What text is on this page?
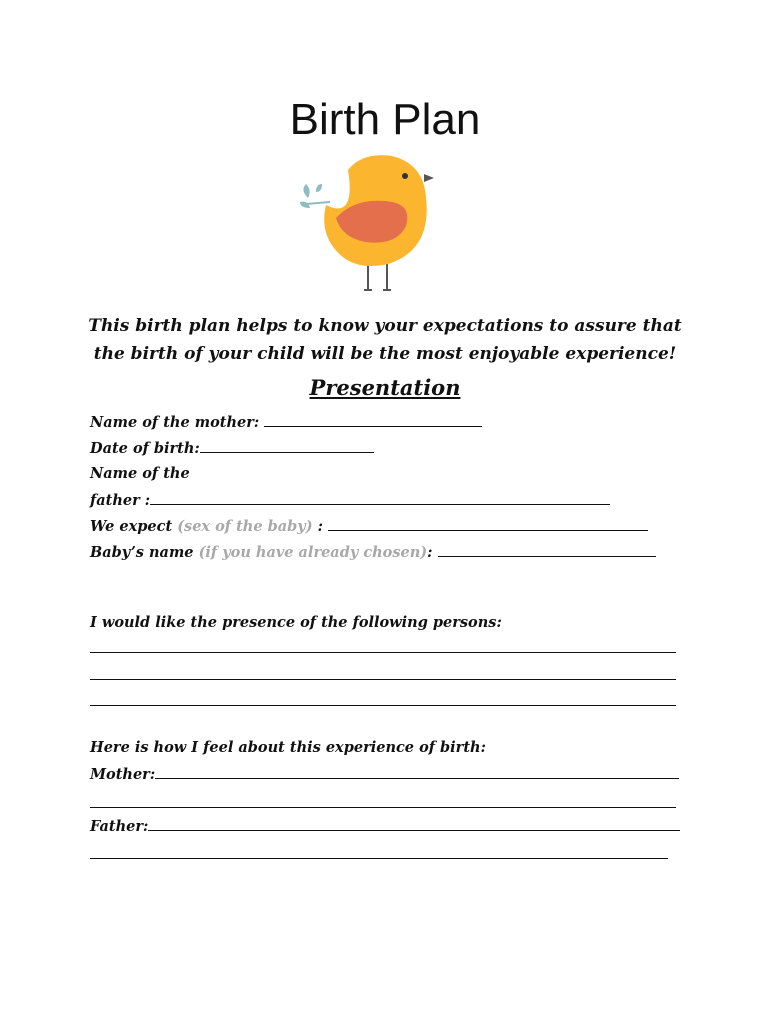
Birth Plan
This birth plan helps to know your expectations to assure that
the birth of your child will be the most enjoyable experience!
Presentation
Name of the mother:
Date of birth:
Name of the
father :
We expect (sex of the baby) :
Baby’s name (if you have already chosen):
I would like the presence of the following persons:
Here is how I feel about this experience of birth:
Mother:
Father:
